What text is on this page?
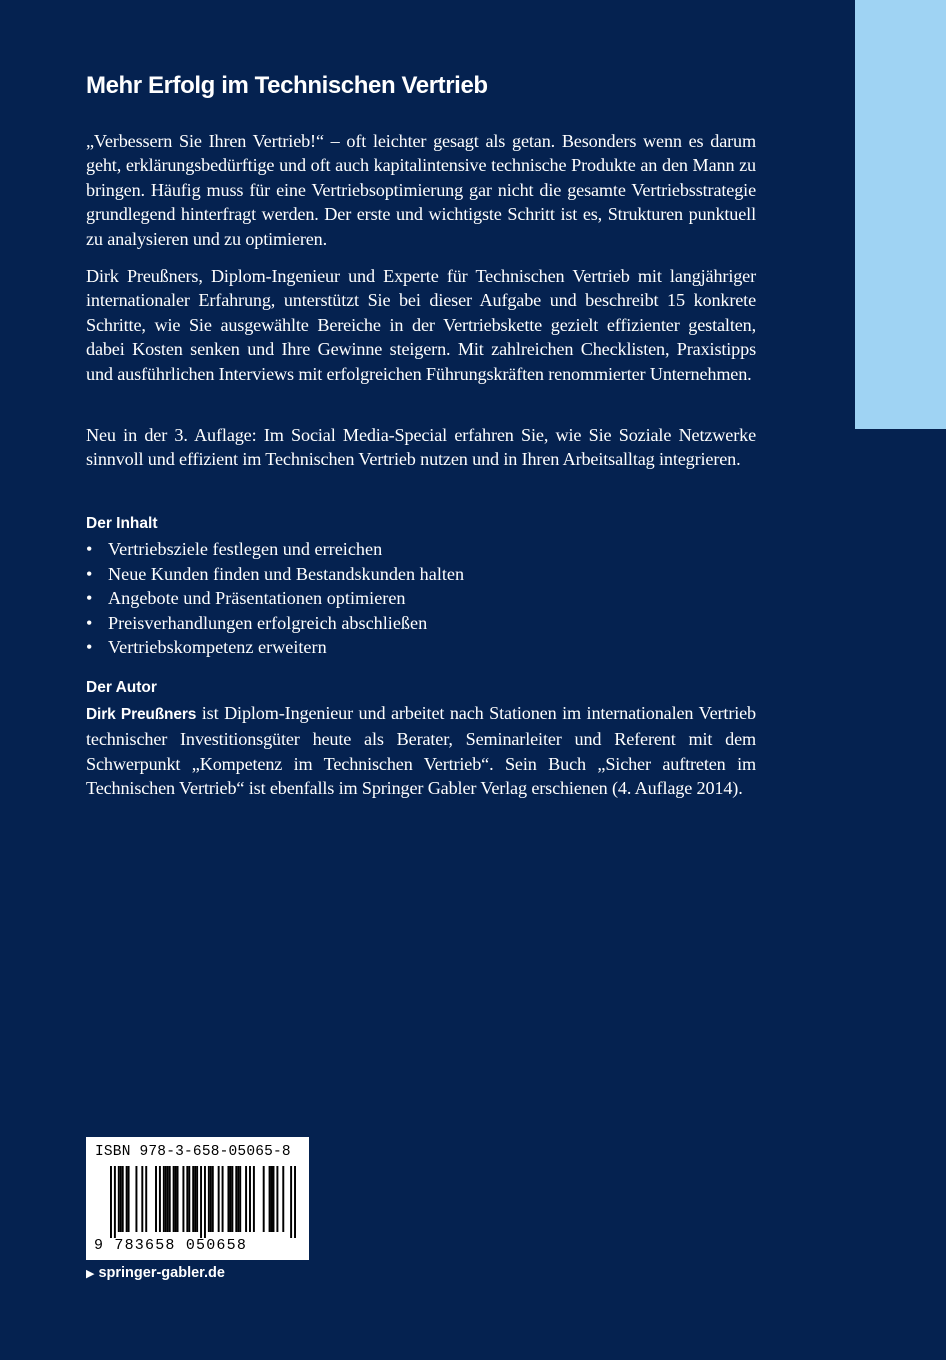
Mehr Erfolg im Technischen Vertrieb

„Verbessern Sie Ihren Vertrieb!“ – oft leichter gesagt als getan. Besonders wenn es darum geht, erklärungsbedürftige und oft auch kapitalintensive technische Produkte an den Mann zu bringen. Häufig muss für eine Vertriebsoptimierung gar nicht die gesamte Vertriebsstrategie grundlegend hinterfragt werden. Der erste und wichtigste Schritt ist es, Strukturen punktuell zu analysieren und zu optimieren.

Dirk Preußners, Diplom-Ingenieur und Experte für Technischen Vertrieb mit langjähriger internationaler Erfahrung, unterstützt Sie bei dieser Aufgabe und beschreibt 15 konkrete Schritte, wie Sie ausgewählte Bereiche in der Vertriebskette gezielt effizienter gestalten, dabei Kosten senken und Ihre Gewinne steigern. Mit zahlreichen Checklisten, Praxistipps und ausführlichen Interviews mit erfolgreichen Führungskräften renommierter Unternehmen.

Neu in der 3. Auflage: Im Social Media-Special erfahren Sie, wie Sie Soziale Netzwerke sinnvoll und effizient im Technischen Vertrieb nutzen und in Ihren Arbeitsalltag integrieren.

Der Inhalt
• Vertriebsziele festlegen und erreichen
• Neue Kunden finden und Bestandskunden halten
• Angebote und Präsentationen optimieren
• Preisverhandlungen erfolgreich abschließen
• Vertriebskompetenz erweitern
Der Autor

Dirk Preußners ist Diplom-Ingenieur und arbeitet nach Stationen im internationalen Vertrieb technischer Investitionsgüter heute als Berater, Seminarleiter und Referent mit dem Schwerpunkt „Kompetenz im Technischen Vertrieb“. Sein Buch „Sicher auftreten im Technischen Vertrieb“ ist ebenfalls im Springer Gabler Verlag erschienen (4. Auflage 2014).

ISBN 978-3-658-05065-8
9 783658 050658
▶ springer-gabler.de
